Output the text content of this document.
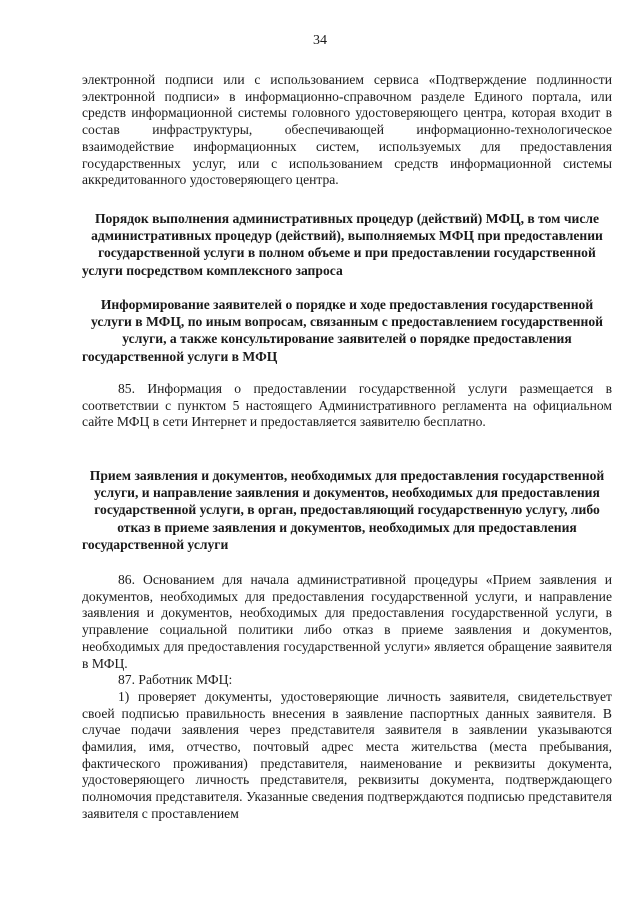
34

электронной подписи или с использованием сервиса «Подтверждение подлинности электронной подписи» в информационно-справочном разделе Единого портала, или средств информационной системы головного удостоверяющего центра, которая входит в состав инфраструктуры, обеспечивающей информационно-технологическое взаимодействие информационных систем, используемых для предоставления государственных услуг, или с использованием средств информационной системы аккредитованного удостоверяющего центра.

Порядок выполнения административных процедур (действий) МФЦ, в том числе административных процедур (действий), выполняемых МФЦ при предоставлении государственной услуги в полном объеме и при предоставлении государственной услуги посредством комплексного запроса

Информирование заявителей о порядке и ходе предоставления государственной услуги в МФЦ, по иным вопросам, связанным с предоставлением государственной услуги, а также консультирование заявителей о порядке предоставления государственной услуги в МФЦ

85. Информация о предоставлении государственной услуги размещается в соответствии с пунктом 5 настоящего Административного регламента на официальном сайте МФЦ в сети Интернет и предоставляется заявителю бесплатно.

Прием заявления и документов, необходимых для предоставления государственной услуги, и направление заявления и документов, необходимых для предоставления государственной услуги, в орган, предоставляющий государственную услугу, либо отказ в приеме заявления и документов, необходимых для предоставления государственной услуги

86. Основанием для начала административной процедуры «Прием заявления и документов, необходимых для предоставления государственной услуги, и направление заявления и документов, необходимых для предоставления государственной услуги, в управление социальной политики либо отказ в приеме заявления и документов, необходимых для предоставления государственной услуги» является обращение заявителя в МФЦ.

87. Работник МФЦ:

1) проверяет документы, удостоверяющие личность заявителя, свидетельствует своей подписью правильность внесения в заявление паспортных данных заявителя. В случае подачи заявления через представителя заявителя в заявлении указываются фамилия, имя, отчество, почтовый адрес места жительства (места пребывания, фактического проживания) представителя, наименование и реквизиты документа, удостоверяющего личность представителя, реквизиты документа, подтверждающего полномочия представителя. Указанные сведения подтверждаются подписью представителя заявителя с проставлением
